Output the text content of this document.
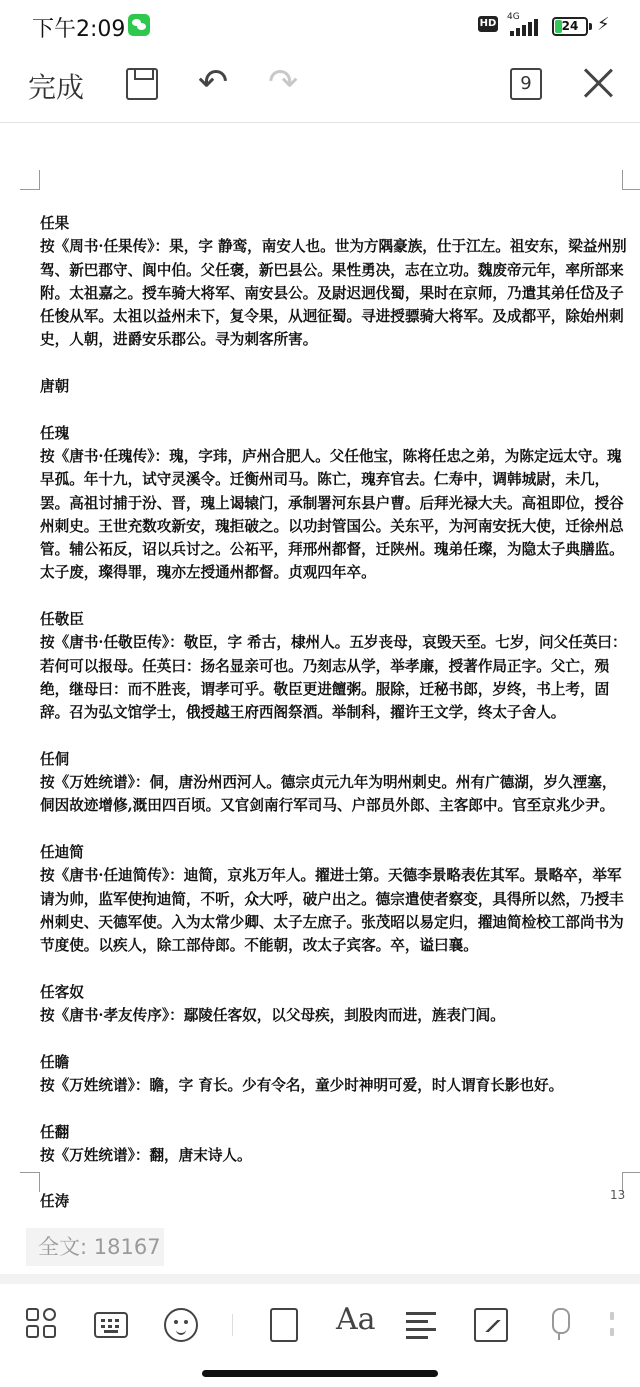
下午2:09	HD
4G
24	⚡
完成	↶ ↷	9
任果
按《周书·任果传》：果，字 静鸾，南安人也。世为方隅豪族，仕于江左。祖安东，梁益州别驾、新巴郡守、阆中伯。父任褒，新巴县公。果性勇决，志在立功。魏废帝元年，率所部来附。太祖嘉之。授车骑大将军、南安县公。及尉迟迥伐蜀，果时在京师，乃遣其弟任岱及子任悛从军。太祖以益州未下，复令果，从迥征蜀。寻进授骠骑大将军。及成都平，除始州刺史，人朝，进爵安乐郡公。寻为刺客所害。
唐朝
任瑰
按《唐书·任瑰传》：瑰，字玮，庐州合肥人。父任他宝，陈将任忠之弟，为陈定远太守。瑰早孤。年十九，试守灵溪令。迁衡州司马。陈亡，瑰弃官去。仁寿中，调韩城尉，未几，罢。高祖讨捕于汾、晋，瑰上谒辕门，承制署河东县户曹。后拜光禄大夫。高祖即位，授谷州刺史。王世充数攻新安，瑰拒破之。以功封管国公。关东平，为河南安抚大使，迁徐州总管。辅公祏反，诏以兵讨之。公祏平，拜邢州都督，迁陕州。瑰弟任璨，为隐太子典膳监。太子废，璨得罪，瑰亦左授通州都督。贞观四年卒。
任敬臣
按《唐书·任敬臣传》：敬臣，字 希古，棣州人。五岁丧母，哀毁天至。七岁，问父任英曰：若何可以报母。任英曰：扬名显亲可也。乃刻志从学，举孝廉，授著作局正字。父亡，殒绝，继母曰：而不胜丧，谓孝可乎。敬臣更进饘粥。服除，迁秘书郎，岁终，书上考，固辞。召为弘文馆学士，俄授越王府西阁祭酒。举制科，擢许王文学，终太子舍人。
任侗
按《万姓统谱》：侗，唐汾州西河人。德宗贞元九年为明州刺史。州有广德湖，岁久湮塞，侗因故迹增修,溉田四百顷。又官剑南行军司马、户部员外郎、主客郎中。官至京兆少尹。
任迪简
按《唐书·任迪简传》：迪简，京兆万年人。擢进士第。天德李景略表佐其军。景略卒，举军请为帅，监军使拘迪简，不听，众大呼，破户出之。德宗遣使者察变，具得所以然，乃授丰州刺史、天德军使。入为太常少卿、太子左庶子。张茂昭以易定归，擢迪简检校工部尚书为节度使。以疾人，除工部侍郎。不能朝，改太子宾客。卒，谥曰襄。
任客奴
按《唐书·孝友传序》：鄢陵任客奴，以父母疾，刲股肉而进，旌表门闾。
任瞻
按《万姓统谱》：瞻，字 育长。少有令名，童少时神明可爱，时人谓育长影也好。
任翻
按《万姓统谱》：翻，唐末诗人。
任涛	13
全文: 18167
Aa
